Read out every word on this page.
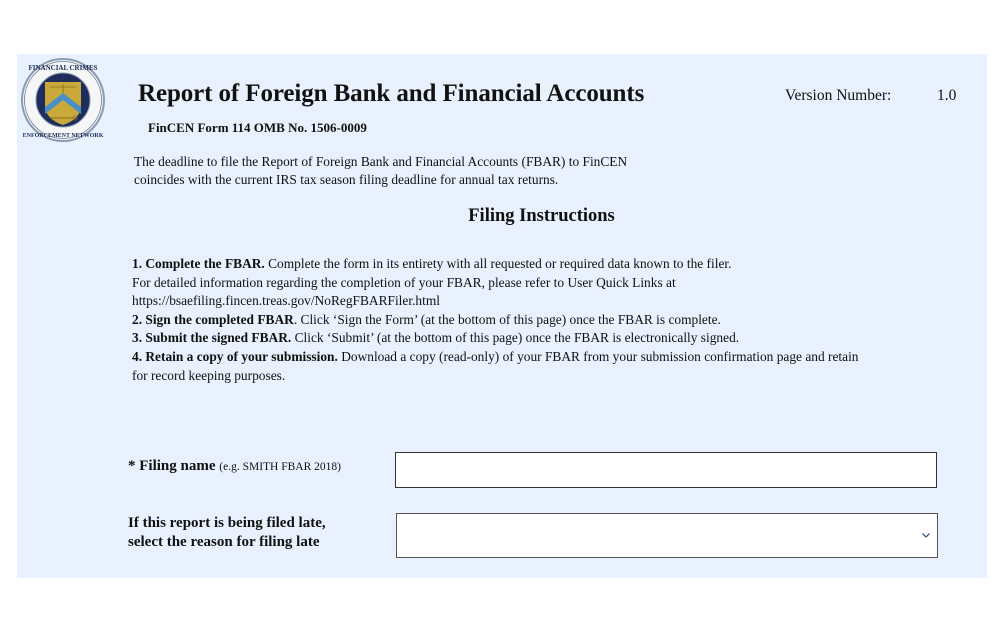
FINANCIAL CRIMES
ENFORCEMENT NETWORK
Report of Foreign Bank and Financial Accounts
FinCEN Form 114 OMB No. 1506-0009
Version Number:	1.0
The deadline to file the Report of Foreign Bank and Financial Accounts (FBAR) to FinCEN
coincides with the current IRS tax season filing deadline for annual tax returns.
Filing Instructions
1. Complete the FBAR. Complete the form in its entirety with all requested or required data known to the filer.
For detailed information regarding the completion of your FBAR, please refer to User Quick Links at
https://bsaefiling.fincen.treas.gov/NoRegFBARFiler.html
2. Sign the completed FBAR. Click ‘Sign the Form’ (at the bottom of this page) once the FBAR is complete.
3. Submit the signed FBAR. Click ‘Submit’ (at the bottom of this page) once the FBAR is electronically signed.
4. Retain a copy of your submission. Download a copy (read-only) of your FBAR from your submission confirmation page and retain
for record keeping purposes.
* Filing name (e.g. SMITH FBAR 2018)
If this report is being filed late,
select the reason for filing late
